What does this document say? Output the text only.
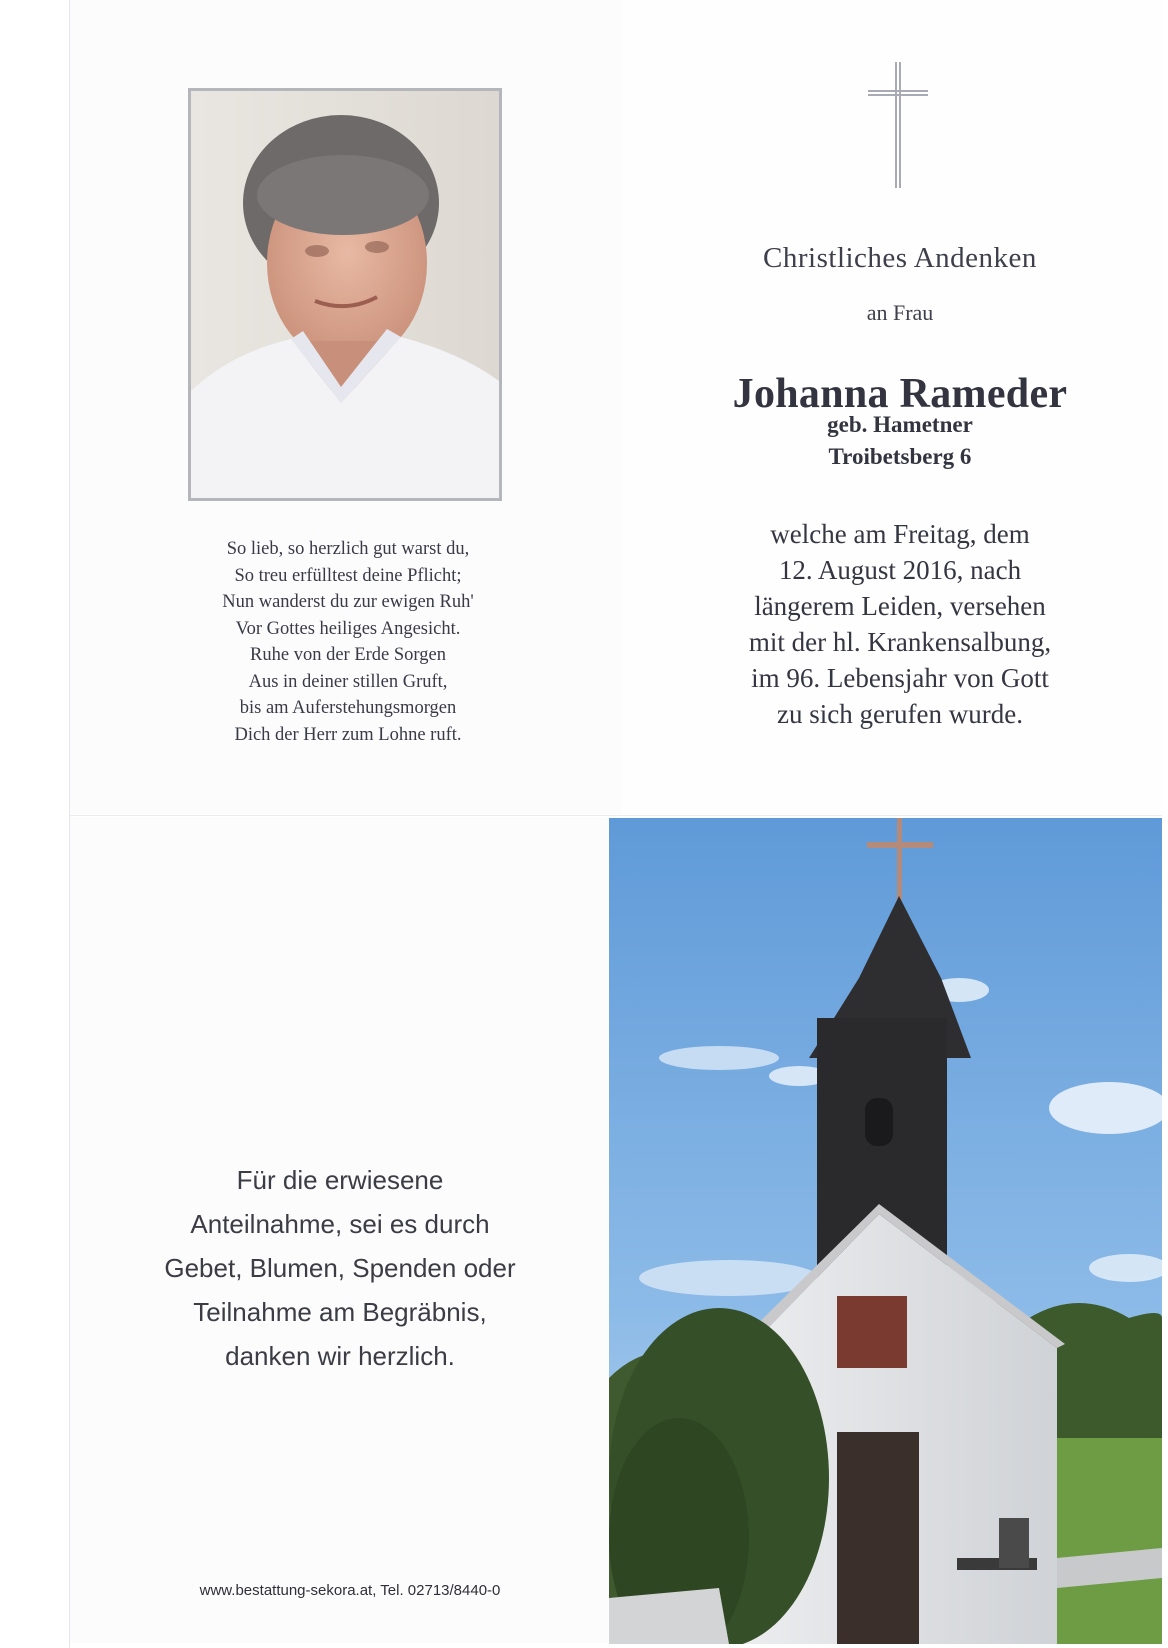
So lieb, so herzlich gut warst du,
So treu erfülltest deine Pflicht;
Nun wanderst du zur ewigen Ruh'
Vor Gottes heiliges Angesicht.
Ruhe von der Erde Sorgen
Aus in deiner stillen Gruft,
bis am Auferstehungsmorgen
Dich der Herr zum Lohne ruft.
Christliches Andenken
an Frau
Johanna Rameder
geb. Hametner
Troibetsberg 6
welche am Freitag, dem
12. August 2016, nach
längerem Leiden, versehen
mit der hl. Krankensalbung,
im 96. Lebensjahr von Gott
zu sich gerufen wurde.
Für die erwiesene
Anteilnahme, sei es durch
Gebet, Blumen, Spenden oder
Teilnahme am Begräbnis,
danken wir herzlich.
www.bestattung-sekora.at, Tel. 02713/8440-0
